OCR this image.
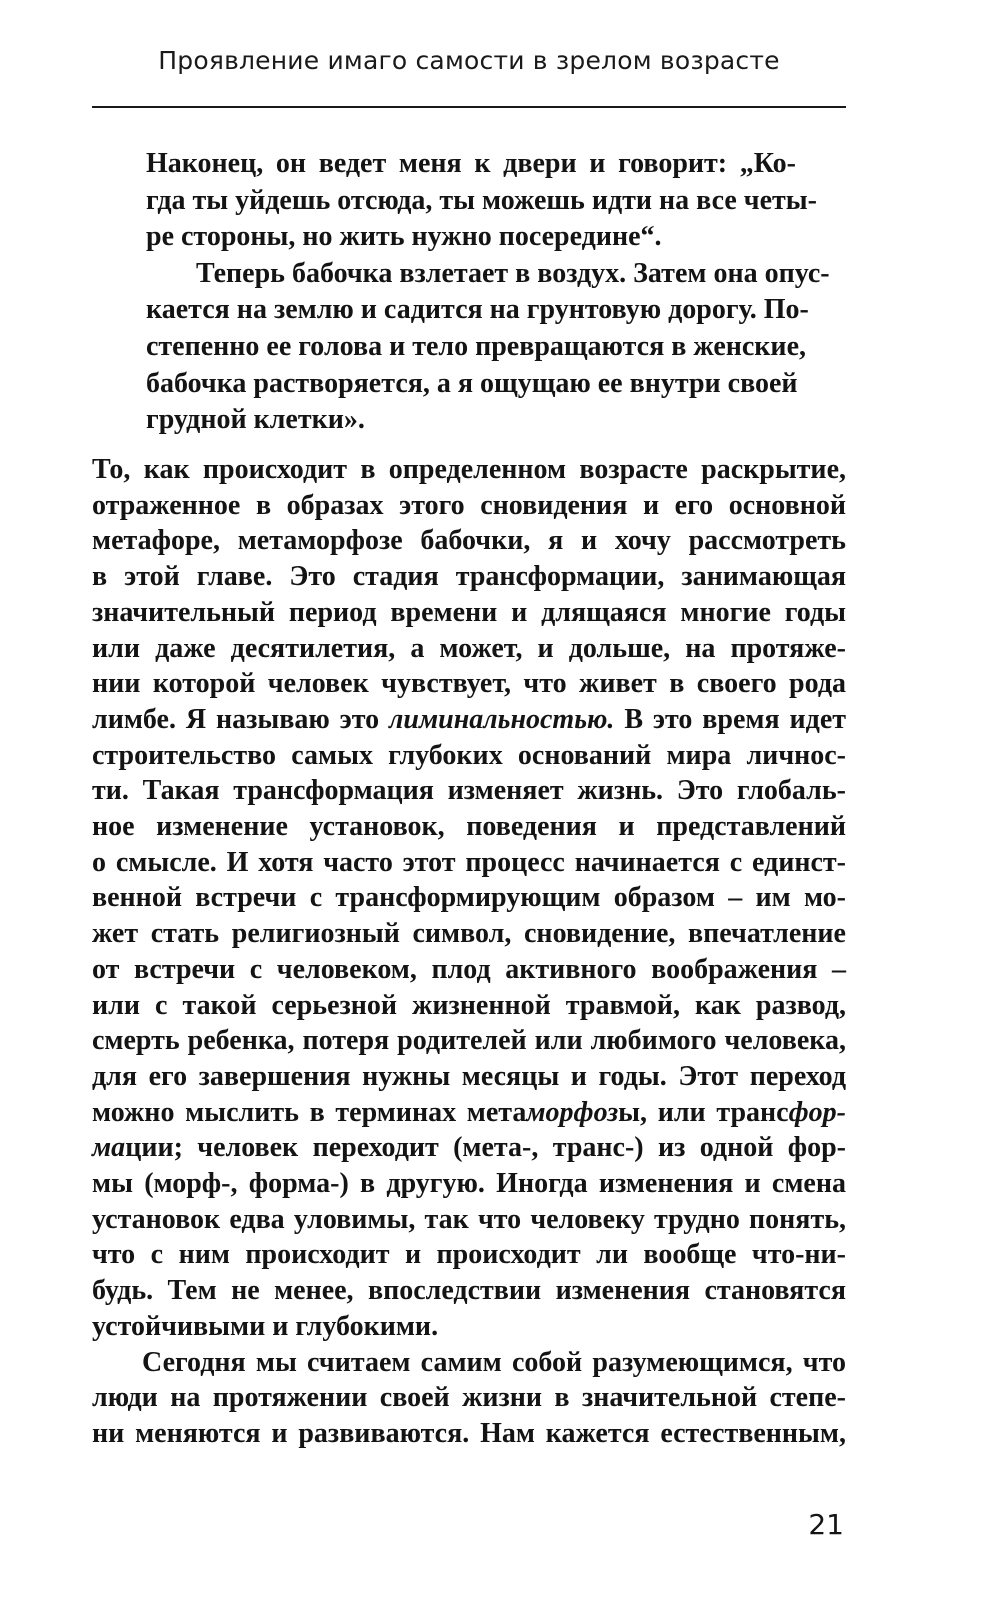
Проявление имаго самости в зрелом возрасте
Наконец, он ведет меня к двери и говорит: „Ко-
гда ты уйдешь отсюда, ты можешь идти на все четы-
ре стороны, но жить нужно посередине“.
Теперь бабочка взлетает в воздух. Затем она опус-
кается на землю и садится на грунтовую дорогу. По-
степенно ее голова и тело превращаются в женские,
бабочка растворяется, а я ощущаю ее внутри своей
грудной клетки».
То, как происходит в определенном возрасте раскрытие,
отраженное в образах этого сновидения и его основной
метафоре, метаморфозе бабочки, я и хочу рассмотреть
в этой главе. Это стадия трансформации, занимающая
значительный период времени и длящаяся многие годы
или даже десятилетия, а может, и дольше, на протяже-
нии которой человек чувствует, что живет в своего рода
лимбе. Я называю это лиминальностью. В это время идет
строительство самых глубоких оснований мира личнос-
ти. Такая трансформация изменяет жизнь. Это глобаль-
ное изменение установок, поведения и представлений
о смысле. И хотя часто этот процесс начинается с единст-
венной встречи с трансформирующим образом – им мо-
жет стать религиозный символ, сновидение, впечатление
от встречи с человеком, плод активного воображения –
или с такой серьезной жизненной травмой, как развод,
смерть ребенка, потеря родителей или любимого человека,
для его завершения нужны месяцы и годы. Этот переход
можно мыслить в терминах метаморфозы, или трансфор-
мации; человек переходит (мета-, транс-) из одной фор-
мы (морф-, форма-) в другую. Иногда изменения и смена
установок едва уловимы, так что человеку трудно понять,
что с ним происходит и происходит ли вообще что-ни-
будь. Тем не менее, впоследствии изменения становятся
устойчивыми и глубокими.
Сегодня мы считаем самим собой разумеющимся, что
люди на протяжении своей жизни в значительной степе-
ни меняются и развиваются. Нам кажется естественным,
21
